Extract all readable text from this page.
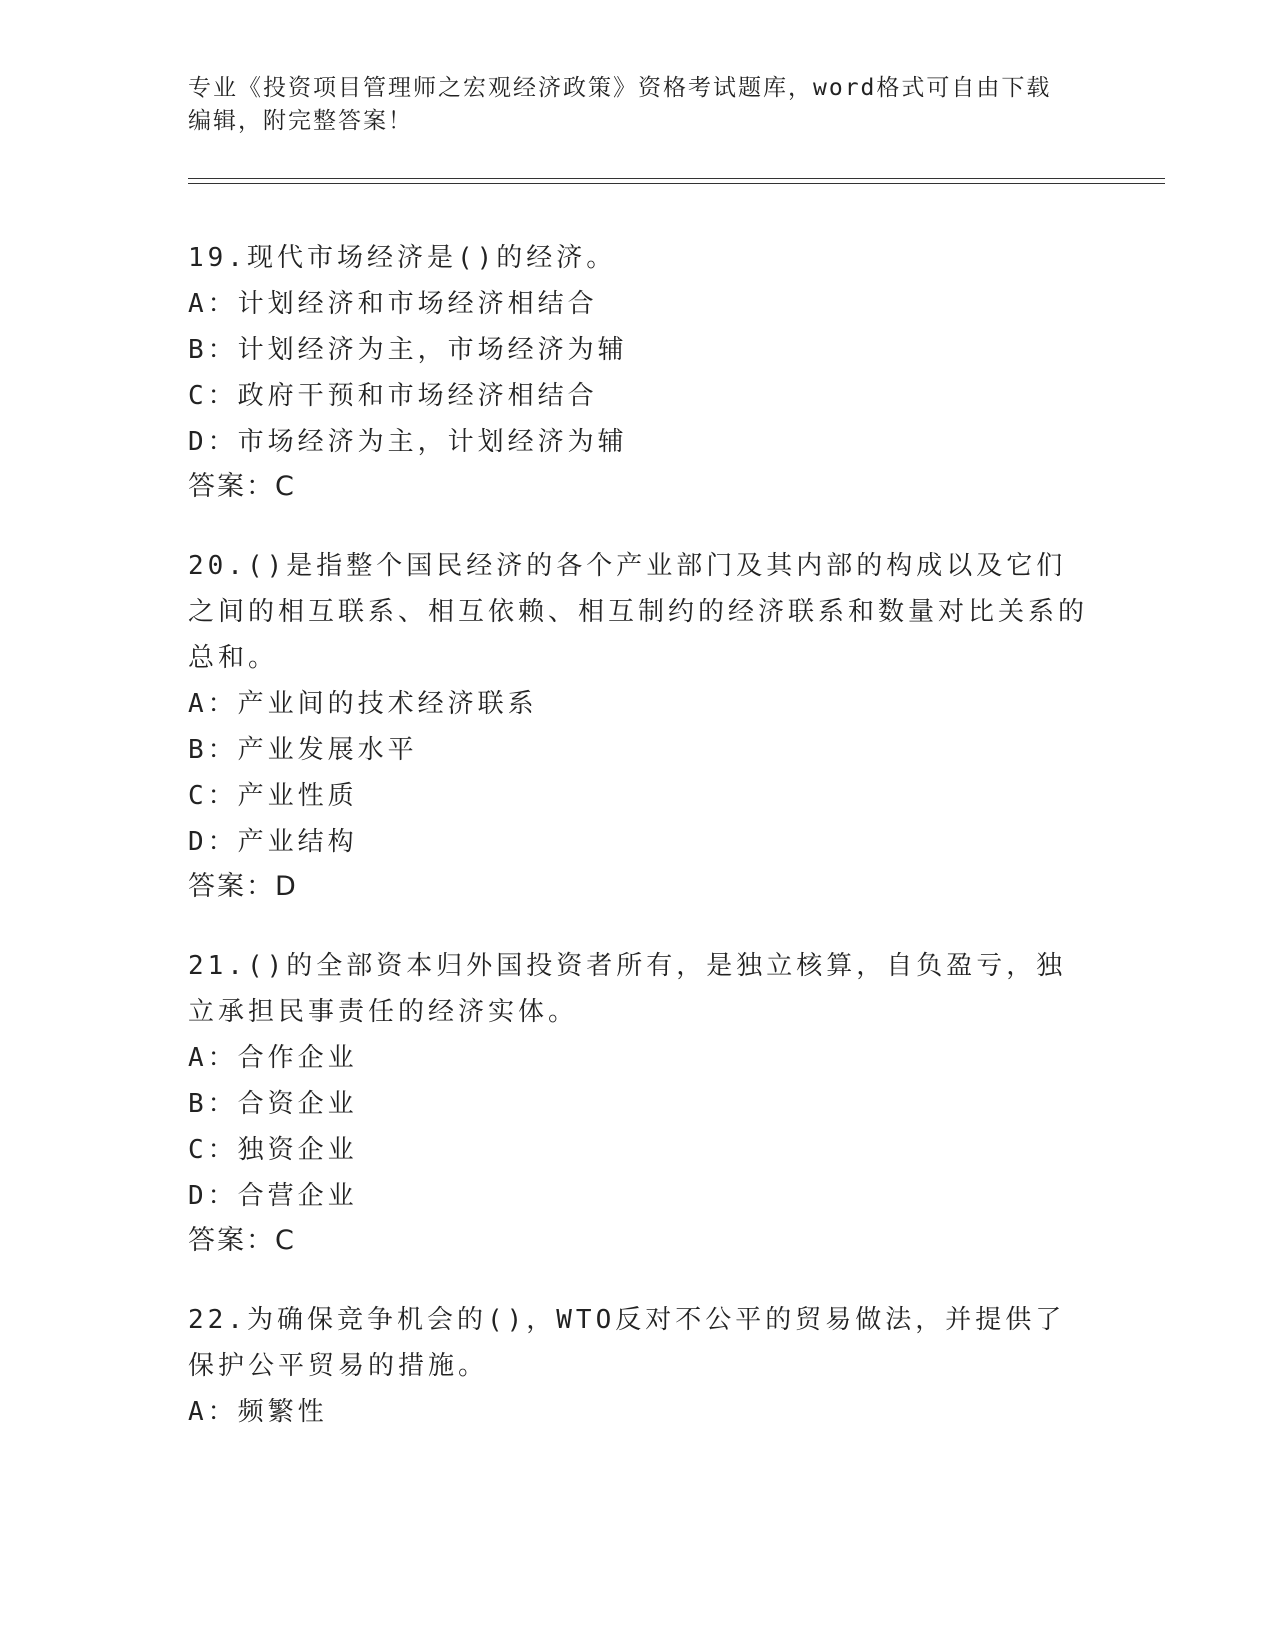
专业《投资项目管理师之宏观经济政策》资格考试题库，word格式可自由下载编辑，附完整答案！
19.现代市场经济是()的经济。
A：计划经济和市场经济相结合
B：计划经济为主，市场经济为辅
C：政府干预和市场经济相结合
D：市场经济为主，计划经济为辅
答案：C
20.()是指整个国民经济的各个产业部门及其内部的构成以及它们之间的相互联系、相互依赖、相互制约的经济联系和数量对比关系的总和。
A：产业间的技术经济联系
B：产业发展水平
C：产业性质
D：产业结构
答案：D
21.()的全部资本归外国投资者所有，是独立核算，自负盈亏，独立承担民事责任的经济实体。
A：合作企业
B：合资企业
C：独资企业
D：合营企业
答案：C
22.为确保竞争机会的()，WTO反对不公平的贸易做法，并提供了保护公平贸易的措施。
A：频繁性
